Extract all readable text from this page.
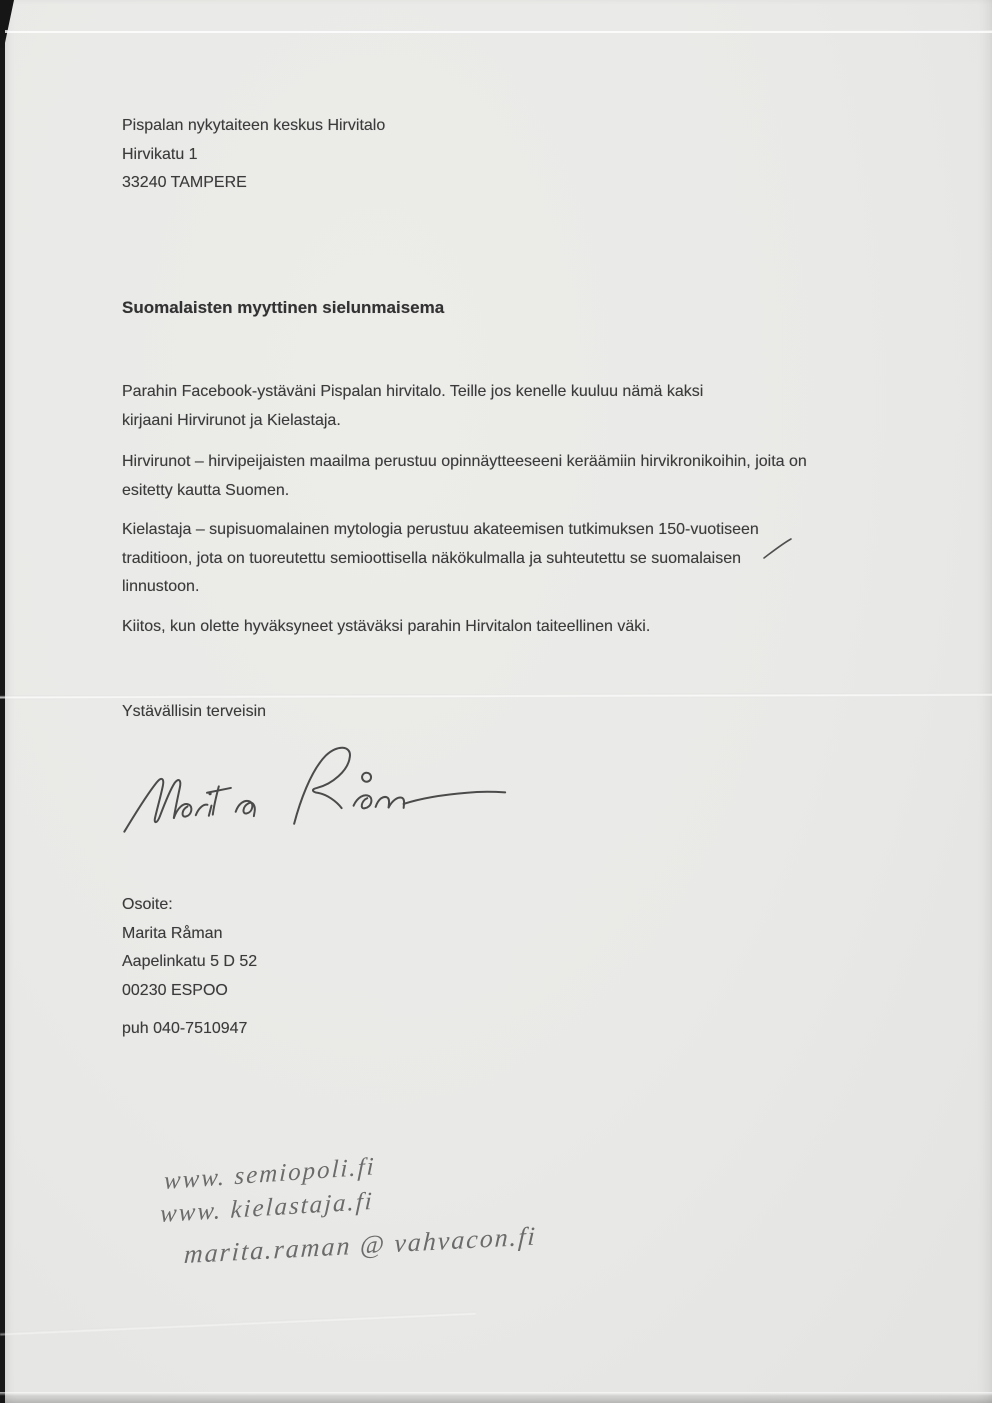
Pispalan nykytaiteen keskus Hirvitalo
Hirvikatu 1
33240 TAMPERE
Suomalaisten myyttinen sielunmaisema
Parahin Facebook-ystäväni Pispalan hirvitalo. Teille jos kenelle kuuluu nämä kaksi
kirjaani Hirvirunot ja Kielastaja.
Hirvirunot – hirvipeijaisten maailma perustuu opinnäytteeseeni keräämiin hirvikronikoihin, joita on
esitetty kautta Suomen.
Kielastaja – supisuomalainen mytologia perustuu akateemisen tutkimuksen 150-vuotiseen
traditioon, jota on tuoreutettu semioottisella näkökulmalla ja suhteutettu se suomalaisen
linnustoon.
Kiitos, kun olette hyväksyneet ystäväksi parahin Hirvitalon taiteellinen väki.
Ystävällisin terveisin
Osoite:
Marita Råman
Aapelinkatu 5 D 52
00230 ESPOO
puh 040-7510947
www. semiopoli.fi
www. kielastaja.fi
marita.raman @ vahvacon.fi
